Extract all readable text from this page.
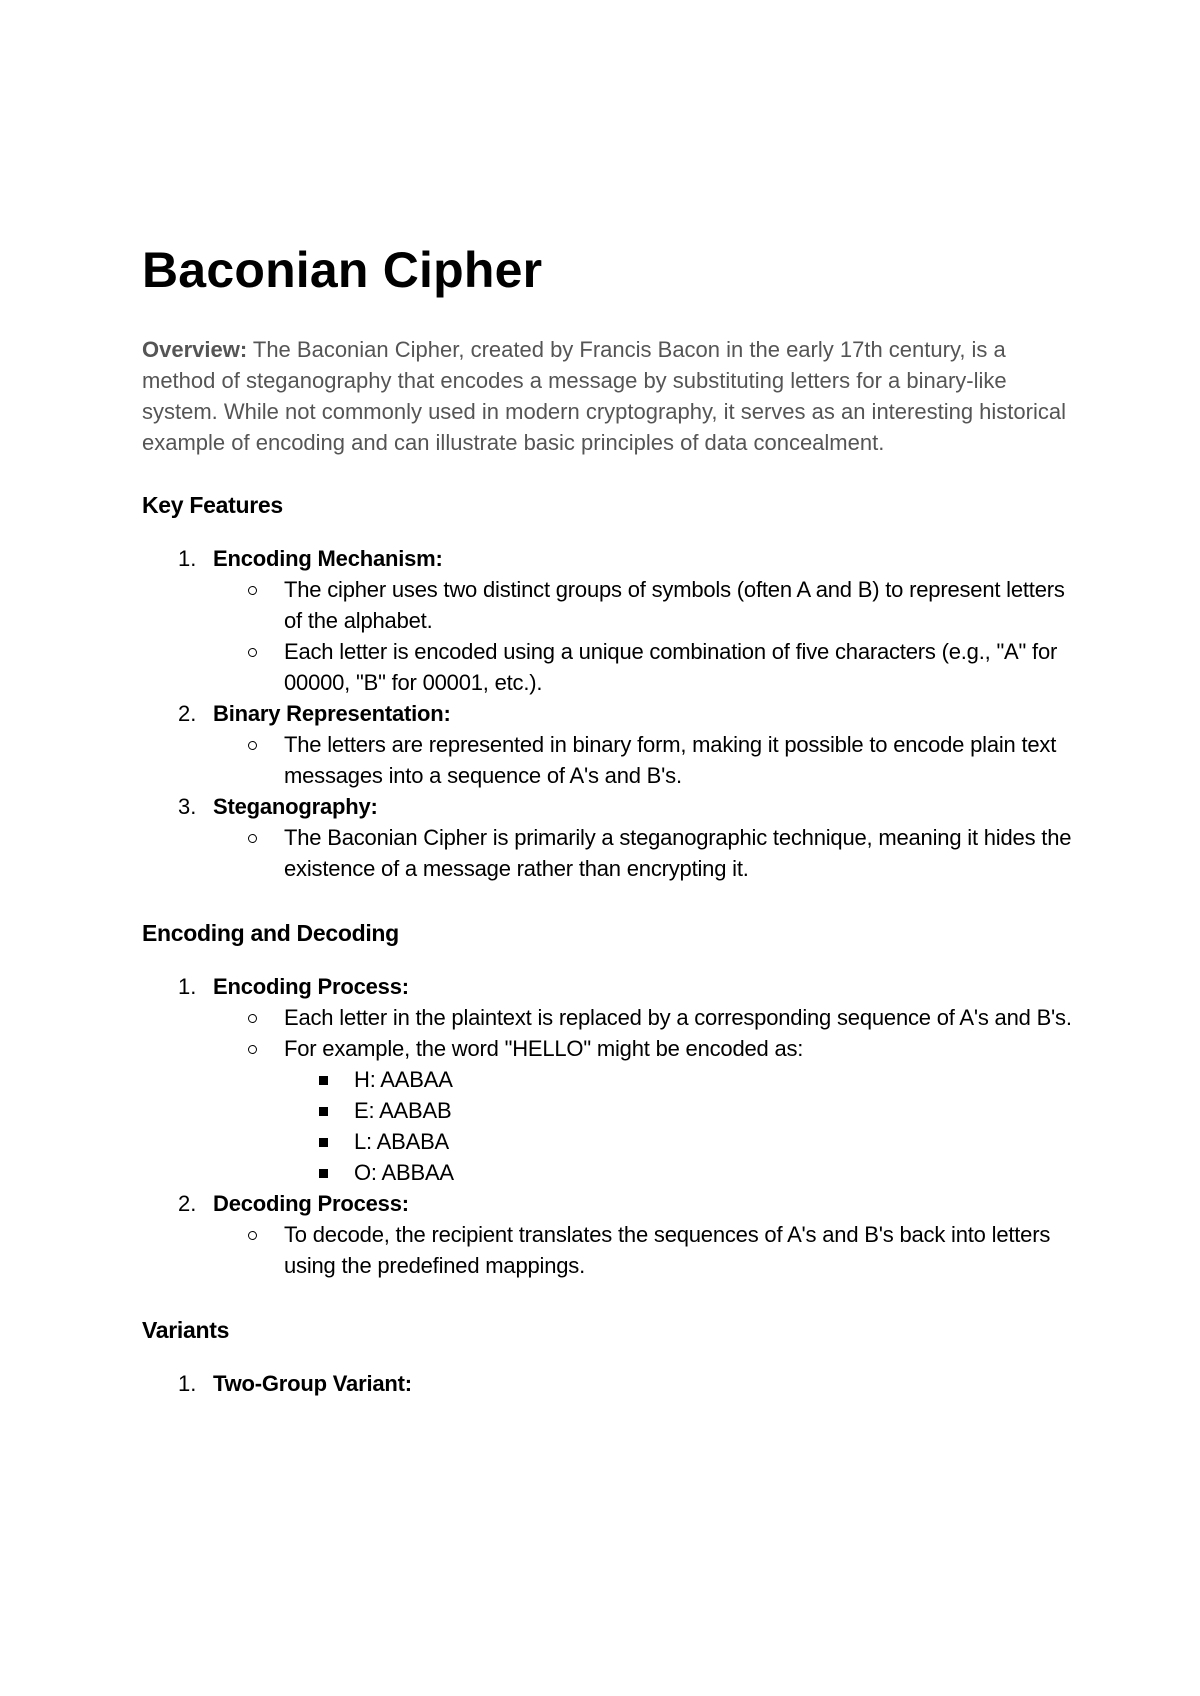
Baconian Cipher

Overview: The Baconian Cipher, created by Francis Bacon in the early 17th century, is a method of steganography that encodes a message by substituting letters for a binary-like system. While not commonly used in modern cryptography, it serves as an interesting historical example of encoding and can illustrate basic principles of data concealment.

Key Features
1. Encoding Mechanism:
The cipher uses two distinct groups of symbols (often A and B) to represent letters of the alphabet.
Each letter is encoded using a unique combination of five characters (e.g., "A" for 00000, "B" for 00001, etc.).
2. Binary Representation:
The letters are represented in binary form, making it possible to encode plain text messages into a sequence of A's and B's.
3. Steganography:
The Baconian Cipher is primarily a steganographic technique, meaning it hides the existence of a message rather than encrypting it.
Encoding and Decoding
1. Encoding Process:
Each letter in the plaintext is replaced by a corresponding sequence of A's and B's.
For example, the word "HELLO" might be encoded as:
H: AABAA
E: AABAB
L: ABABA
O: ABBAA
2. Decoding Process:
To decode, the recipient translates the sequences of A's and B's back into letters using the predefined mappings.
Variants
1. Two-Group Variant:
